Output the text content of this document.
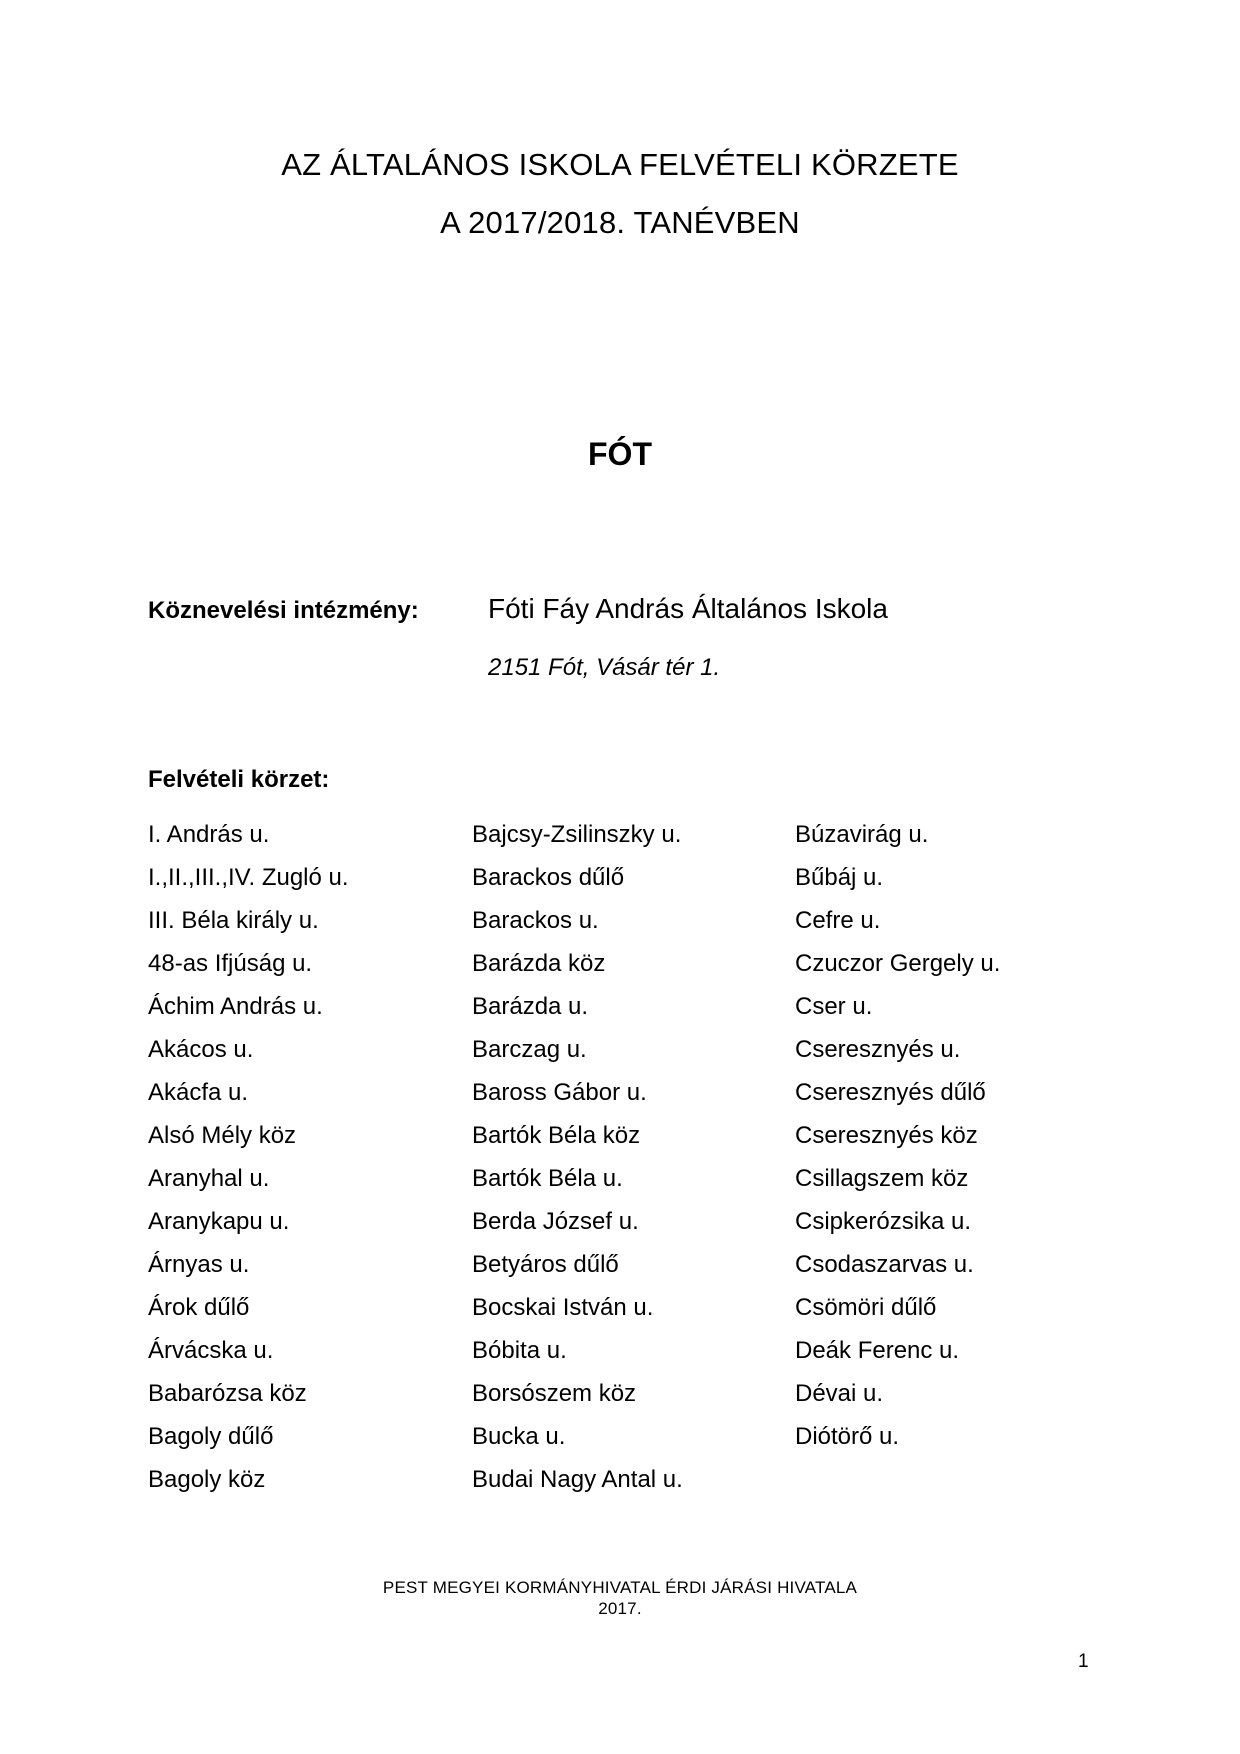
AZ ÁLTALÁNOS ISKOLA FELVÉTELI KÖRZETE
A 2017/2018. TANÉVBEN
FÓT
Köznevelési intézmény: Fóti Fáy András Általános Iskola
2151 Fót, Vásár tér 1.
Felvételi körzet:
I. András u.
I.,II.,III.,IV. Zugló u.
III. Béla király u.
48-as Ifjúság u.
Áchim András u.
Akácos u.
Akácfa u.
Alsó Mély köz
Aranyhal u.
Aranykapu u.
Árnyas u.
Árok dűlő
Árvácska u.
Babarózsa köz
Bagoly dűlő
Bagoly köz
Bajcsy-Zsilinszky u.
Barackos dűlő
Barackos u.
Barázda köz
Barázda u.
Barczag u.
Baross Gábor u.
Bartók Béla köz
Bartók Béla u.
Berda József u.
Betyáros dűlő
Bocskai István u.
Bóbita u.
Borsószem köz
Bucka u.
Budai Nagy Antal u.
Búzavirág u.
Bűbáj u.
Cefre u.
Czuczor Gergely u.
Cser u.
Cseresznyés u.
Cseresznyés dűlő
Cseresznyés köz
Csillagszem köz
Csipkerózsika u.
Csodaszarvas u.
Csömöri dűlő
Deák Ferenc u.
Dévai u.
Diótörő u.
PEST MEGYEI KORMÁNYHIVATAL ÉRDI JÁRÁSI HIVATALA
2017.
1
